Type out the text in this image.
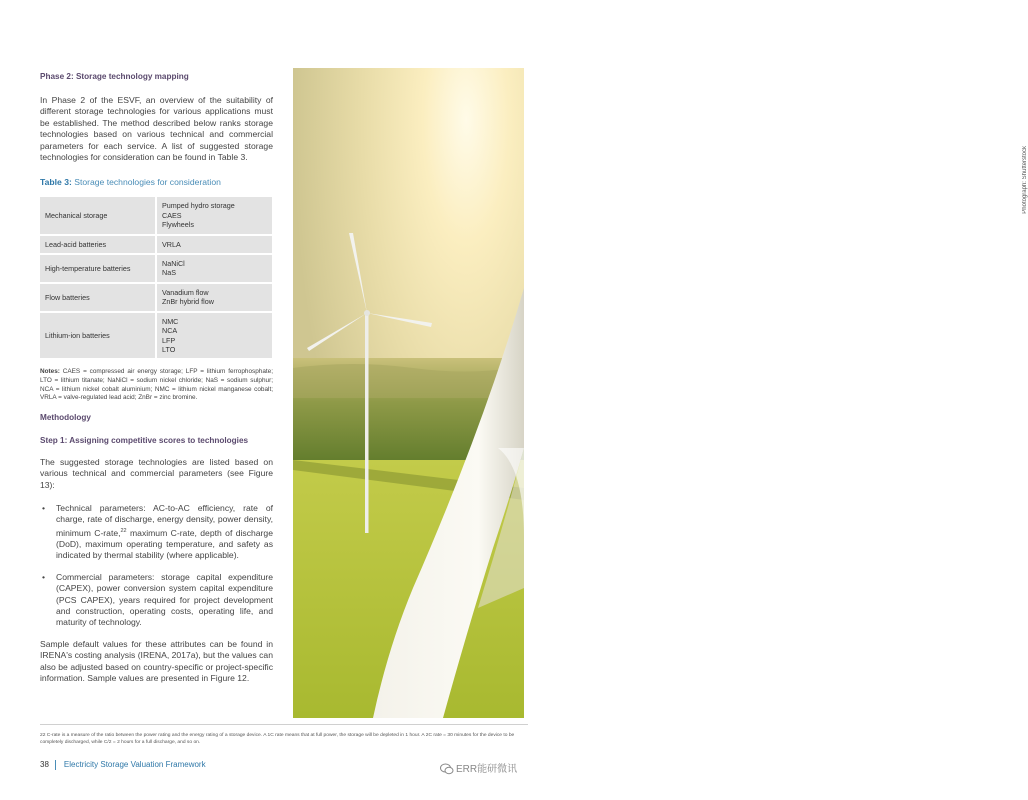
Phase 2: Storage technology mapping

In Phase 2 of the ESVF, an overview of the suitability of different storage technologies for various applications must be established. The method described below ranks storage technologies based on various technical and commercial parameters for each service. A list of suggested storage technologies for consideration can be found in Table 3.

Table 3: Storage technologies for consideration
Mechanical storage	Pumped hydro storage
CAES
Flywheels

Lead-acid batteries	VRLA

High-temperature batteries	NaNiCl
NaS

Flow batteries	Vanadium flow
ZnBr hybrid flow

Lithium-ion batteries	NMC
NCA
LFP
LTO

Notes: CAES = compressed air energy storage; LFP = lithium ferrophosphate; LTO = lithium titanate; NaNiCl = sodium nickel chloride; NaS = sodium sulphur; NCA = lithium nickel cobalt aluminium; NMC = lithium nickel manganese cobalt; VRLA = valve-regulated lead acid; ZnBr = zinc bromine.

Methodology
Step 1: Assigning competitive scores to technologies

The suggested storage technologies are listed based on various technical and commercial parameters (see Figure 13):

• Technical parameters: AC-to-AC efficiency, rate of charge, rate of discharge, energy density, power density, minimum C-rate,$^{22}$ maximum C-rate, depth of discharge (DoD), maximum operating temperature, and safety as indicated by thermal stability (where applicable).
• Commercial parameters: storage capital expenditure (CAPEX), power conversion system capital expenditure (PCS CAPEX), years required for project development and construction, operating costs, operating life, and maturity of technology.

Sample default values for these attributes can be found in IRENA's costing analysis (IRENA, 2017a), but the values can also be adjusted based on country-specific or project-specific information. Sample values are presented in Figure 12.

Photograph: Shutterstock
22 C-rate is a measure of the ratio between the power rating and the energy rating of a storage device. A 1C rate means that at full power, the storage will be depleted in 1 hour. A 2C rate = 30 minutes for the device to be completely discharged, while C/2 = 2 hours for a full discharge, and so on.
38 Electricity Storage Valuation Framework	ERR能研微讯
